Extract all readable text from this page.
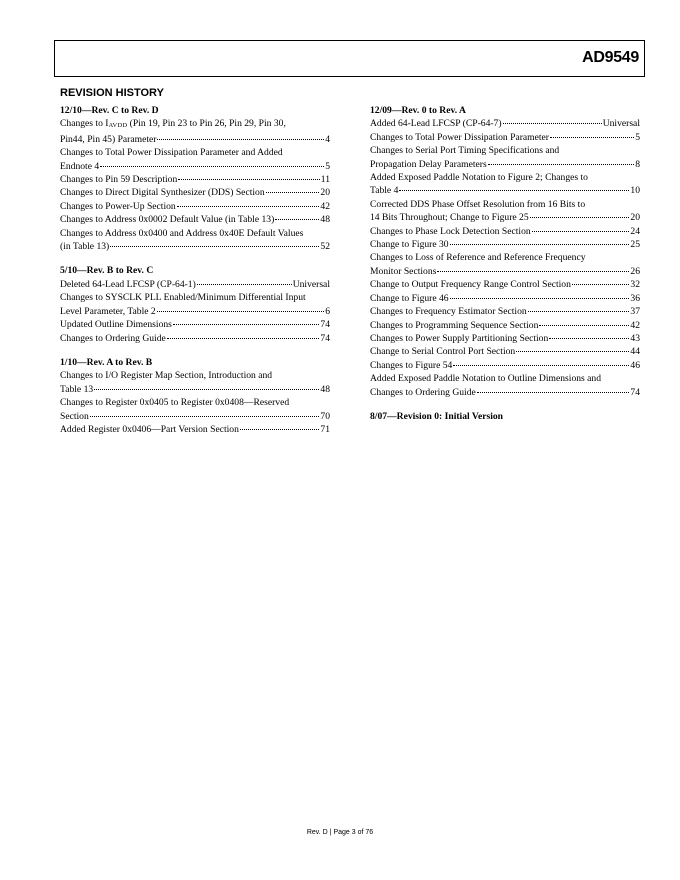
AD9549
REVISION HISTORY

12/10—Rev. C to Rev. D

Changes to IAVDD (Pin 19, Pin 23 to Pin 26, Pin 29, Pin 30,
Pin44, Pin 45) Parameter	4
Changes to Total Power Dissipation Parameter and Added
Endnote 4	5
Changes to Pin 59 Description	11
Changes to Direct Digital Synthesizer (DDS) Section	20
Changes to Power-Up Section	42
Changes to Address 0x0002 Default Value (in Table 13)	48
Changes to Address 0x0400 and Address 0x40E Default Values
(in Table 13)	52

5/10—Rev. B to Rev. C

Deleted 64-Lead LFCSP (CP-64-1)	Universal
Changes to SYSCLK PLL Enabled/Minimum Differential Input
Level Parameter, Table 2	6
Updated Outline Dimensions	74
Changes to Ordering Guide	74

1/10—Rev. A to Rev. B

Changes to I/O Register Map Section, Introduction and
Table 13	48
Changes to Register 0x0405 to Register 0x0408—Reserved
Section	70
Added Register 0x0406—Part Version Section	71

12/09—Rev. 0 to Rev. A

Added 64-Lead LFCSP (CP-64-7)	Universal
Changes to Total Power Dissipation Parameter	5
Changes to Serial Port Timing Specifications and
Propagation Delay Parameters	8
Added Exposed Paddle Notation to Figure 2; Changes to
Table 4	10
Corrected DDS Phase Offset Resolution from 16 Bits to
14 Bits Throughout; Change to Figure 25	20
Changes to Phase Lock Detection Section	24
Change to Figure 30	25
Changes to Loss of Reference and Reference Frequency
Monitor Sections	26
Change to Output Frequency Range Control Section	32
Change to Figure 46	36
Changes to Frequency Estimator Section	37
Changes to Programming Sequence Section	42
Changes to Power Supply Partitioning Section	43
Change to Serial Control Port Section	44
Changes to Figure 54	46
Added Exposed Paddle Notation to Outline Dimensions and
Changes to Ordering Guide	74

8/07—Revision 0: Initial Version

Rev. D | Page 3 of 76
